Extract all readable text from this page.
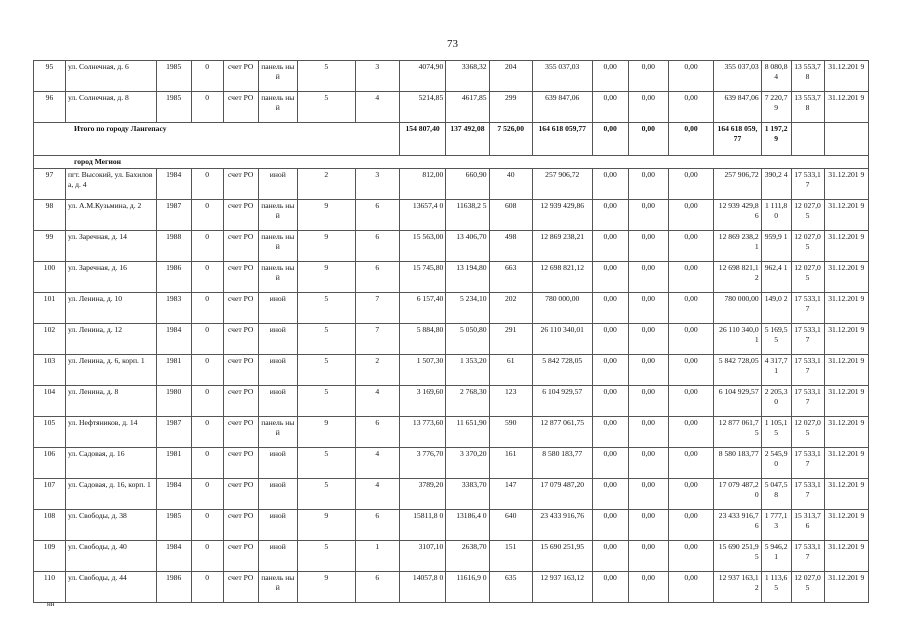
73
95	ул. Солнечная, д. 6	1985	0	счет РО	панель ный	5	3	4074,90	3368,32	204	355 037,03	0,00	0,00	0,00	355 037,03	8 080,8 4	13 553,7 8	31.12.201 9
96	ул. Солнечная, д. 8	1985	0	счет РО	панель ный	5	4	5214,85	4617,85	299	639 847,06	0,00	0,00	0,00	639 847,06	7 220,7 9	13 553,7 8	31.12.201 9
Итого по городу Лангепасу								154 807,40	137 492,08	7 526,00	164 618 059,77	0,00	0,00	0,00	164 618 059,77	1 197,2 9		
город Мегион																		
97	пгт. Высокий, ул. Бахилова, д. 4	1984	0	счет РО	иной	2	3	812,00	660,90	40	257 906,72	0,00	0,00	0,00	257 906,72	390,2 4	17 533,1 7	31.12.201 9
98	ул. А.М.Кузьмина, д. 2	1987	0	счет РО	панель ный	9	6	13657,4 0	11638,2 5	608	12 939 429,86	0,00	0,00	0,00	12 939 429,86	1 111,8 0	12 027,0 5	31.12.201 9
99	ул. Заречная, д. 14	1988	0	счет РО	панель ный	9	6	15 563,00	13 406,70	498	12 869 238,21	0,00	0,00	0,00	12 869 238,21	959,9 1	12 027,0 5	31.12.201 9
100	ул. Заречная, д. 16	1986	0	счет РО	панель ный	9	6	15 745,80	13 194,80	663	12 698 821,12	0,00	0,00	0,00	12 698 821,12	962,4 1	12 027,0 5	31.12.201 9
101	ул. Ленина, д. 10	1983	0	счет РО	иной	5	7	6 157,40	5 234,10	202	780 000,00	0,00	0,00	0,00	780 000,00	149,0 2	17 533,1 7	31.12.201 9
102	ул. Ленина, д. 12	1984	0	счет РО	иной	5	7	5 884,80	5 050,80	291	26 110 340,01	0,00	0,00	0,00	26 110 340,01	5 169,5 5	17 533,1 7	31.12.201 9
103	ул. Ленина, д. 6, корп. 1	1981	0	счет РО	иной	5	2	1 507,30	1 353,20	61	5 842 728,05	0,00	0,00	0,00	5 842 728,05	4 317,7 1	17 533,1 7	31.12.201 9
104	ул. Ленина, д. 8	1980	0	счет РО	иной	5	4	3 169,60	2 768,30	123	6 104 929,57	0,00	0,00	0,00	6 104 929,57	2 205,3 0	17 533,1 7	31.12.201 9
105	ул. Нефтяников, д. 14	1987	0	счет РО	панель ный	9	6	13 773,60	11 651,90	590	12 877 061,75	0,00	0,00	0,00	12 877 061,75	1 105,1 5	12 027,0 5	31.12.201 9
106	ул. Садовая, д. 16	1981	0	счет РО	иной	5	4	3 776,70	3 370,20	161	8 580 183,77	0,00	0,00	0,00	8 580 183,77	2 545,9 0	17 533,1 7	31.12.201 9
107	ул. Садовая, д. 16, корп. 1	1984	0	счет РО	иной	5	4	3789,20	3383,70	147	17 079 487,20	0,00	0,00	0,00	17 079 487,20	5 047,5 8	17 533,1 7	31.12.201 9
108	ул. Свободы, д. 38	1985	0	счет РО	иной	9	6	15811,8 0	13186,4 0	640	23 433 916,76	0,00	0,00	0,00	23 433 916,76	1 777,1 3	15 313,7 6	31.12.201 9
109	ул. Свободы, д. 40	1984	0	счет РО	иной	5	1	3107,10	2638,70	151	15 690 251,95	0,00	0,00	0,00	15 690 251,95	5 946,2 1	17 533,1 7	31.12.201 9
110	ул. Свободы, д. 44	1986	0	счет РО	панель ный	9	6	14057,8 0	11616,9 0	635	12 937 163,12	0,00	0,00	0,00	12 937 163,12	1 113,6 5	12 027,0 5	31.12.201 9
нн
